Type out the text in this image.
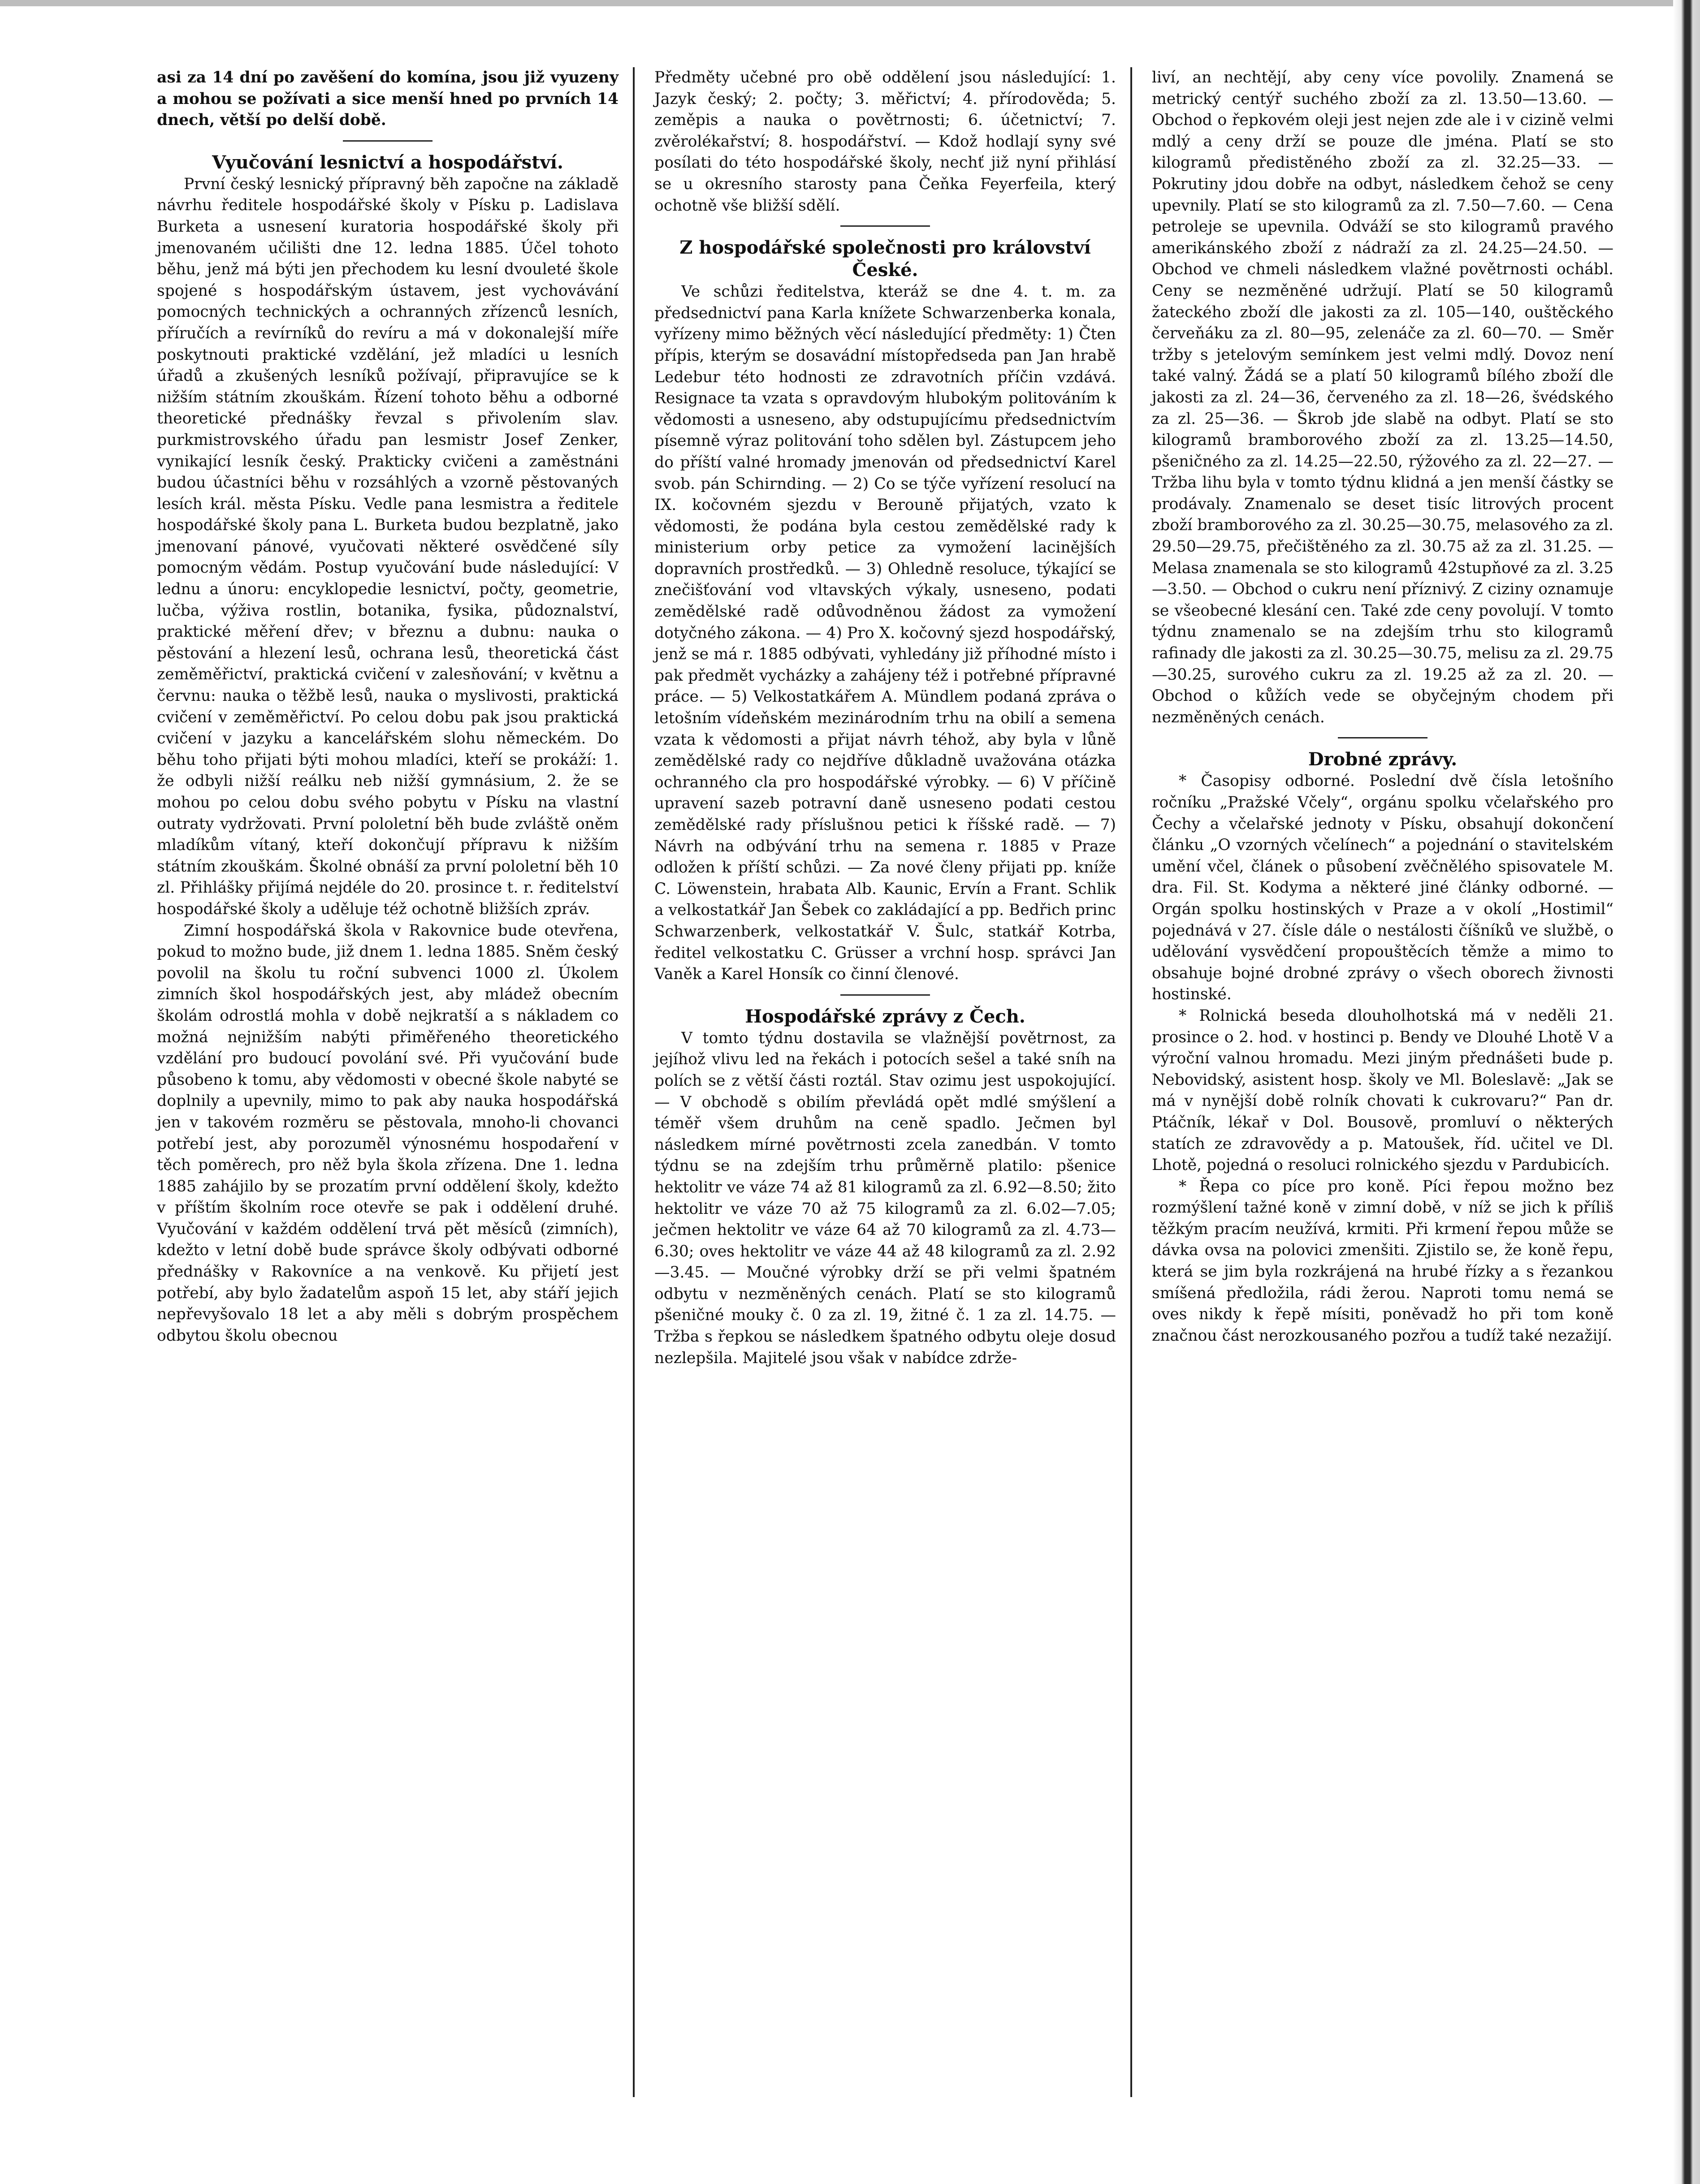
asi za 14 dní po zavěšení do komína, jsou již vyuzeny a mohou se požívati a sice menší hned po prvních 14 dnech, větší po delší době.

Vyučování lesnictví a hospodářství.

První český lesnický přípravný běh započne na základě návrhu ředitele hospodářské školy v Písku p. Ladislava Burketa a usnesení kuratoria hospodářské školy při jmenovaném učilišti dne 12. ledna 1885. Účel tohoto běhu, jenž má býti jen přechodem ku lesní dvouleté škole spojené s hospodářským ústavem, jest vychovávání pomocných technických a ochranných zřízenců lesních, příručích a revírníků do revíru a má v dokonalejší míře poskytnouti praktické vzdělání, jež mladíci u lesních úřadů a zkušených lesníků požívají, připravujíce se k nižším státním zkouškám. Řízení tohoto běhu a odborné theoretické přednášky řevzal s přivolením slav. purkmistrovského úřadu pan lesmistr Josef Zenker, vynikající lesník český. Prakticky cvičeni a zaměstnáni budou účastníci běhu v rozsáhlých a vzorně pěstovaných lesích král. města Písku. Vedle pana lesmistra a ředitele hospodářské školy pana L. Burketa budou bezplatně, jako jmenovaní pánové, vyučovati některé osvědčené síly pomocným vědám. Postup vyučování bude následující: V lednu a únoru: encyklopedie lesnictví, počty, geometrie, lučba, výživa rostlin, botanika, fysika, půdoznalství, praktické měření dřev; v březnu a dubnu: nauka o pěstování a hlezení lesů, ochrana lesů, theoretická část zeměměřictví, praktická cvičení v zalesňování; v květnu a červnu: nauka o těžbě lesů, nauka o myslivosti, praktická cvičení v zeměměřictví. Po celou dobu pak jsou praktická cvičení v jazyku a kancelářském slohu německém. Do běhu toho přijati býti mohou mladíci, kteří se prokáží: 1. že odbyli nižší reálku neb nižší gymnásium, 2. že se mohou po celou dobu svého pobytu v Písku na vlastní outraty vydržovati. První pololetní běh bude zvláště oněm mladíkům vítaný, kteří dokončují přípravu k nižším státním zkouškám. Školné obnáší za první pololetní běh 10 zl. Přihlášky přijímá nejdéle do 20. prosince t. r. ředitelství hospodářské školy a uděluje též ochotně bližších zpráv.

Zimní hospodářská škola v Rakovnice bude otevřena, pokud to možno bude, již dnem 1. ledna 1885. Sněm český povolil na školu tu roční subvenci 1000 zl. Úkolem zimních škol hospodářských jest, aby mládež obecním školám odrostlá mohla v době nejkratší a s nákladem co možná nejnižším nabýti přiměřeného theoretického vzdělání pro budoucí povolání své. Při vyučování bude působeno k tomu, aby vědomosti v obecné škole nabyté se doplnily a upevnily, mimo to pak aby nauka hospodářská jen v takovém rozměru se pěstovala, mnoho-li chovanci potřebí jest, aby porozuměl výnosnému hospodaření v těch poměrech, pro něž byla škola zřízena. Dne 1. ledna 1885 zahájilo by se prozatím první oddělení školy, kdežto v příštím školním roce otevře se pak i oddělení druhé. Vyučování v každém oddělení trvá pět měsíců (zimních), kdežto v letní době bude správce školy odbývati odborné přednášky v Rakovníce a na venkově. Ku přijetí jest potřebí, aby bylo žadatelům aspoň 15 let, aby stáří jejich nepřevyšovalo 18 let a aby měli s dobrým prospěchem odbytou školu obecnou

Předměty učebné pro obě oddělení jsou následující: 1. Jazyk český; 2. počty; 3. měřictví; 4. přírodověda; 5. zeměpis a nauka o povětrnosti; 6. účetnictví; 7. zvěrolékařství; 8. hospodářství. — Kdož hodlají syny své posílati do této hospodářské školy, nechť již nyní přihlásí se u okresního starosty pana Čeňka Feyerfeila, který ochotně vše bližší sdělí.

Z hospodářské společnosti pro království České.

Ve schůzi ředitelstva, kteráž se dne 4. t. m. za předsednictví pana Karla knížete Schwarzenberka konala, vyřízeny mimo běžných věcí následující předměty: 1) Čten přípis, kterým se dosavádní místopředseda pan Jan hrabě Ledebur této hodnosti ze zdravotních příčin vzdává. Resignace ta vzata s opravdovým hlubokým politováním k vědomosti a usneseno, aby odstupujícímu předsednictvím písemně výraz politování toho sdělen byl. Zástupcem jeho do příští valné hromady jmenován od předsednictví Karel svob. pán Schirnding. — 2) Co se týče vyřízení resolucí na IX. kočovném sjezdu v Berouně přijatých, vzato k vědomosti, že podána byla cestou zemědělské rady k ministerium orby petice za vymožení lacinějších dopravních prostředků. — 3) Ohledně resoluce, týkající se znečišťování vod vltavských výkaly, usneseno, podati zemědělské radě odůvodněnou žádost za vymožení dotyčného zákona. — 4) Pro X. kočovný sjezd hospodářský, jenž se má r. 1885 odbývati, vyhledány již příhodné místo i pak předmět vycházky a zahájeny též i potřebné přípravné práce. — 5) Velkostatkářem A. Mündlem podaná zpráva o letošním vídeňském mezinárodním trhu na obilí a semena vzata k vědomosti a přijat návrh téhož, aby byla v lůně zemědělské rady co nejdříve důkladně uvažována otázka ochranného cla pro hospodářské výrobky. — 6) V příčině upravení sazeb potravní daně usneseno podati cestou zemědělské rady příslušnou petici k říšské radě. — 7) Návrh na odbývání trhu na semena r. 1885 v Praze odložen k příští schůzi. — Za nové členy přijati pp. kníže C. Löwenstein, hrabata Alb. Kaunic, Ervín a Frant. Schlik a velkostatkář Jan Šebek co zakládající a pp. Bedřich princ Schwarzenberk, velkostatkář V. Šulc, statkář Kotrba, ředitel velkostatku C. Grüsser a vrchní hosp. správci Jan Vaněk a Karel Honsík co činní členové.

Hospodářské zprávy z Čech.

V tomto týdnu dostavila se vlažnější povětrnost, za jejíhož vlivu led na řekách i potocích sešel a také sníh na polích se z větší části roztál. Stav ozimu jest uspokojující. — V obchodě s obilím převládá opět mdlé smýšlení a téměř všem druhům na ceně spadlo. Ječmen byl následkem mírné povětrnosti zcela zanedbán. V tomto týdnu se na zdejším trhu průměrně platilo: pšenice hektolitr ve váze 74 až 81 kilogramů za zl. 6.92—8.50; žito hektolitr ve váze 70 až 75 kilogramů za zl. 6.02—7.05; ječmen hektolitr ve váze 64 až 70 kilogramů za zl. 4.73—6.30; oves hektolitr ve váze 44 až 48 kilogramů za zl. 2.92—3.45. — Moučné výrobky drží se při velmi špatném odbytu v nezměněných cenách. Platí se sto kilogramů pšeničné mouky č. 0 za zl. 19, žitné č. 1 za zl. 14.75. — Tržba s řepkou se následkem špatného odbytu oleje dosud nezlepšila. Majitelé jsou však v nabídce zdrže-

liví, an nechtějí, aby ceny více povolily. Znamená se metrický centýř suchého zboží za zl. 13.50—13.60. — Obchod o řepkovém oleji jest nejen zde ale i v cizině velmi mdlý a ceny drží se pouze dle jména. Platí se sto kilogramů předistěného zboží za zl. 32.25—33. — Pokrutiny jdou dobře na odbyt, následkem čehož se ceny upevnily. Platí se sto kilogramů za zl. 7.50—7.60. — Cena petroleje se upevnila. Odváží se sto kilogramů pravého amerikánského zboží z nádraží za zl. 24.25—24.50. — Obchod ve chmeli následkem vlažné povětrnosti ochábl. Ceny se nezměněné udržují. Platí se 50 kilogramů žateckého zboží dle jakosti za zl. 105—140, ouštěckého červeňáku za zl. 80—95, zelenáče za zl. 60—70. — Směr tržby s jetelovým semínkem jest velmi mdlý. Dovoz není také valný. Žádá se a platí 50 kilogramů bílého zboží dle jakosti za zl. 24—36, červeného za zl. 18—26, švédského za zl. 25—36. — Škrob jde slabě na odbyt. Platí se sto kilogramů bramborového zboží za zl. 13.25—14.50, pšeničného za zl. 14.25—22.50, rýžového za zl. 22—27. — Tržba lihu byla v tomto týdnu klidná a jen menší částky se prodávaly. Znamenalo se deset tisíc litrových procent zboží bramborového za zl. 30.25—30.75, melasového za zl. 29.50—29.75, přečištěného za zl. 30.75 až za zl. 31.25. — Melasa znamenala se sto kilogramů 42stupňové za zl. 3.25—3.50. — Obchod o cukru není příznivý. Z ciziny oznamuje se všeobecné klesání cen. Také zde ceny povolují. V tomto týdnu znamenalo se na zdejším trhu sto kilogramů rafinady dle jakosti za zl. 30.25—30.75, melisu za zl. 29.75—30.25, surového cukru za zl. 19.25 až za zl. 20. — Obchod o kůžích vede se obyčejným chodem při nezměněných cenách.

Drobné zprávy.

* Časopisy odborné. Poslední dvě čísla letošního ročníku „Pražské Včely“, orgánu spolku včelařského pro Čechy a včelařské jednoty v Písku, obsahují dokončení článku „O vzorných včelínech“ a pojednání o stavitelském umění včel, článek o působení zvěčnělého spisovatele M. dra. Fil. St. Kodyma a některé jiné články odborné. — Orgán spolku hostinských v Praze a v okolí „Hostimil“ pojednává v 27. čísle dále o nestálosti číšníků ve službě, o udělování vysvědčení propouštěcích těmže a mimo to obsahuje bojné drobné zprávy o všech oborech živnosti hostinské.

* Rolnická beseda dlouholhotská má v neděli 21. prosince o 2. hod. v hostinci p. Bendy ve Dlouhé Lhotě V a výroční valnou hromadu. Mezi jiným přednášeti bude p. Nebovidský, asistent hosp. školy ve Ml. Boleslavě: „Jak se má v nynější době rolník chovati k cukrovaru?“ Pan dr. Ptáčník, lékař v Dol. Bousově, promluví o některých statích ze zdravovědy a p. Matoušek, říd. učitel ve Dl. Lhotě, pojedná o resoluci rolnického sjezdu v Pardubicích.

* Řepa co píce pro koně. Píci řepou možno bez rozmýšlení tažné koně v zimní době, v níž se jich k příliš těžkým pracím neužívá, krmiti. Při krmení řepou může se dávka ovsa na polovici zmenšiti. Zjistilo se, že koně řepu, která se jim byla rozkrájená na hrubé řízky a s řezankou smíšená předložila, rádi žerou. Naproti tomu nemá se oves nikdy k řepě mísiti, poněvadž ho při tom koně značnou část nerozkousaného pozřou a tudíž také nezažijí.
